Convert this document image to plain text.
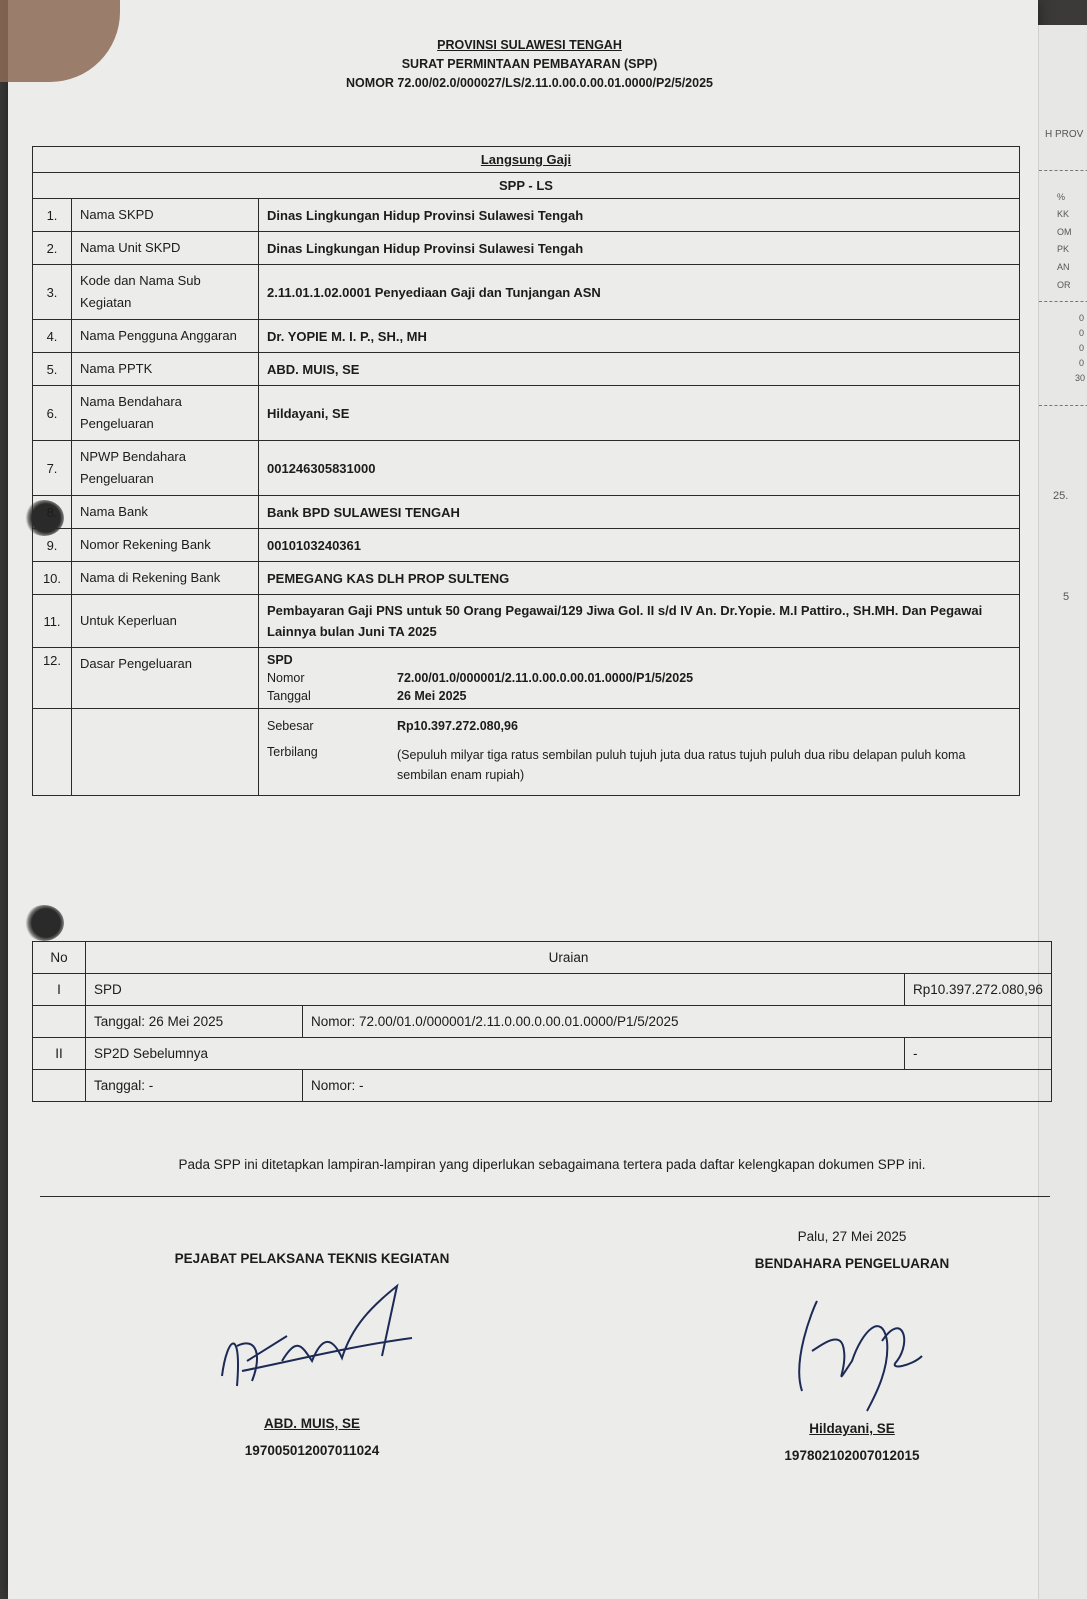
H PROV
%
KK
OM
PK
AN
OR
0
0
0
0
30
25.
5
PROVINSI SULAWESI TENGAH
SURAT PERMINTAAN PEMBAYARAN (SPP)
NOMOR 72.00/02.0/000027/LS/2.11.0.00.0.00.01.0000/P2/5/2025
Langsung Gaji		
SPP - LS		
1.	Nama SKPD	Dinas Lingkungan Hidup Provinsi Sulawesi Tengah
2.	Nama Unit SKPD	Dinas Lingkungan Hidup Provinsi Sulawesi Tengah
3.	Kode dan Nama Sub Kegiatan	2.11.01.1.02.0001 Penyediaan Gaji dan Tunjangan ASN
4.	Nama Pengguna Anggaran	Dr. YOPIE M. I. P., SH., MH
5.	Nama PPTK	ABD. MUIS, SE
6.	Nama Bendahara Pengeluaran	Hildayani, SE
7.	NPWP Bendahara Pengeluaran	001246305831000
8.	Nama Bank	Bank BPD SULAWESI TENGAH
9.	Nomor Rekening Bank	0010103240361
10.	Nama di Rekening Bank	PEMEGANG KAS DLH PROP SULTENG
11.	Untuk Keperluan	Pembayaran Gaji PNS untuk 50 Orang Pegawai/129 Jiwa Gol. II s/d IV An. Dr.Yopie. M.I Pattiro., SH.MH. Dan Pegawai Lainnya bulan Juni TA 2025
12.	Dasar Pengeluaran	SPD
Nomor 72.00/01.0/000001/2.11.0.00.0.00.01.0000/P1/5/2025
Tanggal 26 Mei 2025

		Sebesar Rp10.397.272.080,96
Terbilang (Sepuluh milyar tiga ratus sembilan puluh tujuh juta dua ratus tujuh puluh dua ribu delapan puluh koma sembilan enam rupiah)
No	Uraian		
I	SPD		Rp10.397.272.080,96
	Tanggal: 26 Mei 2025	Nomor: 72.00/01.0/000001/2.11.0.00.0.00.01.0000/P1/5/2025	
II	SP2D Sebelumnya		-
	Tanggal: -	Nomor: -	
Pada SPP ini ditetapkan lampiran-lampiran yang diperlukan sebagaimana tertera pada daftar kelengkapan dokumen SPP ini.
PEJABAT PELAKSANA TEKNIS KEGIATAN
ABD. MUIS, SE
197005012007011024
Palu, 27 Mei 2025
BENDAHARA PENGELUARAN
Hildayani, SE
197802102007012015
